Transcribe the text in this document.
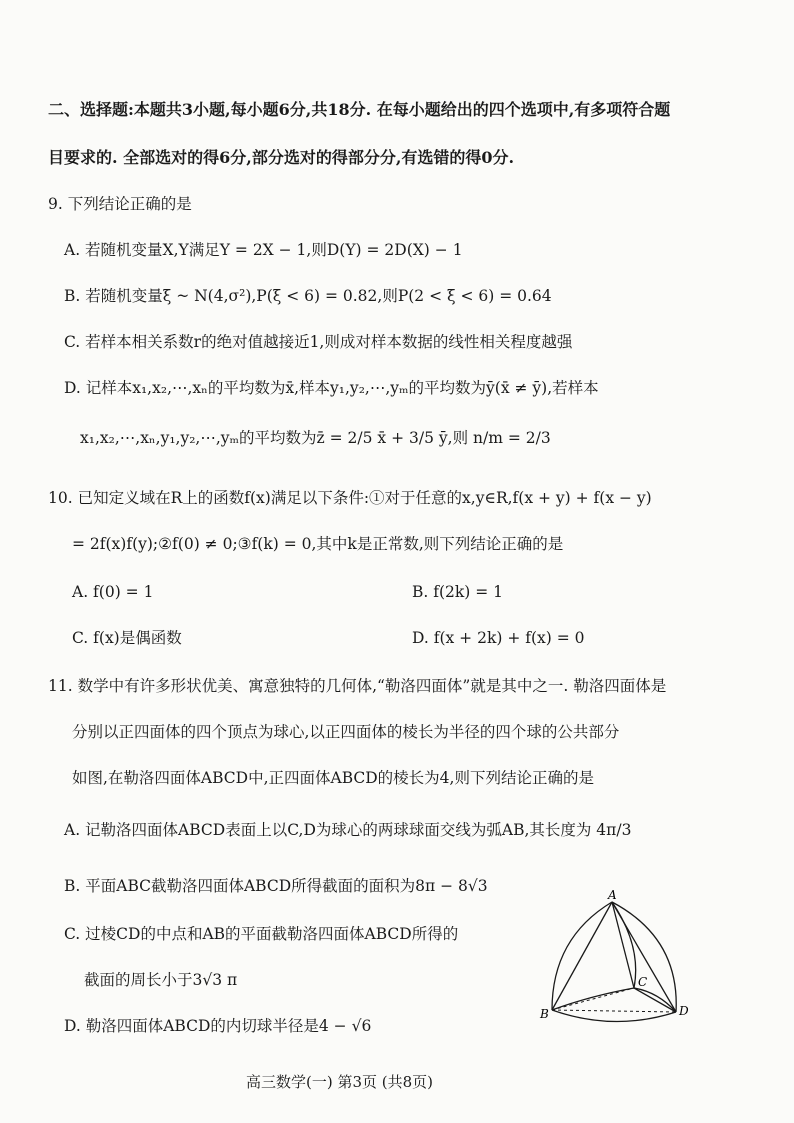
二、选择题:本题共3小题,每小题6分,共18分. 在每小题给出的四个选项中,有多项符合题
目要求的. 全部选对的得6分,部分选对的得部分分,有选错的得0分.
9. 下列结论正确的是
A. 若随机变量X,Y满足Y = 2X − 1,则D(Y) = 2D(X) − 1
B. 若随机变量ξ ~ N(4,σ²),P(ξ < 6) = 0.82,则P(2 < ξ < 6) = 0.64
C. 若样本相关系数r的绝对值越接近1,则成对样本数据的线性相关程度越强
D. 记样本x₁,x₂,⋯,xₙ的平均数为x̄,样本y₁,y₂,⋯,yₘ的平均数为ȳ(x̄ ≠ ȳ),若样本
x₁,x₂,⋯,xₙ,y₁,y₂,⋯,yₘ的平均数为z̄ = 2/5 x̄ + 3/5 ȳ,则 n/m = 2/3
10. 已知定义域在R上的函数f(x)满足以下条件:①对于任意的x,y∈R,f(x + y) + f(x − y)
= 2f(x)f(y);②f(0) ≠ 0;③f(k) = 0,其中k是正常数,则下列结论正确的是
A. f(0) = 1	B. f(2k) = 1
C. f(x)是偶函数	D. f(x + 2k) + f(x) = 0
11. 数学中有许多形状优美、寓意独特的几何体,“勒洛四面体”就是其中之一. 勒洛四面体是
分别以正四面体的四个顶点为球心,以正四面体的棱长为半径的四个球的公共部分
如图,在勒洛四面体ABCD中,正四面体ABCD的棱长为4,则下列结论正确的是
A. 记勒洛四面体ABCD表面上以C,D为球心的两球球面交线为弧AB,其长度为 4π/3
B. 平面ABC截勒洛四面体ABCD所得截面的面积为8π − 8√3
C. 过棱CD的中点和AB的平面截勒洛四面体ABCD所得的
截面的周长小于3√3 π
D. 勒洛四面体ABCD的内切球半径是4 − √6
A
B
C
D
高三数学(一) 第3页 (共8页)
